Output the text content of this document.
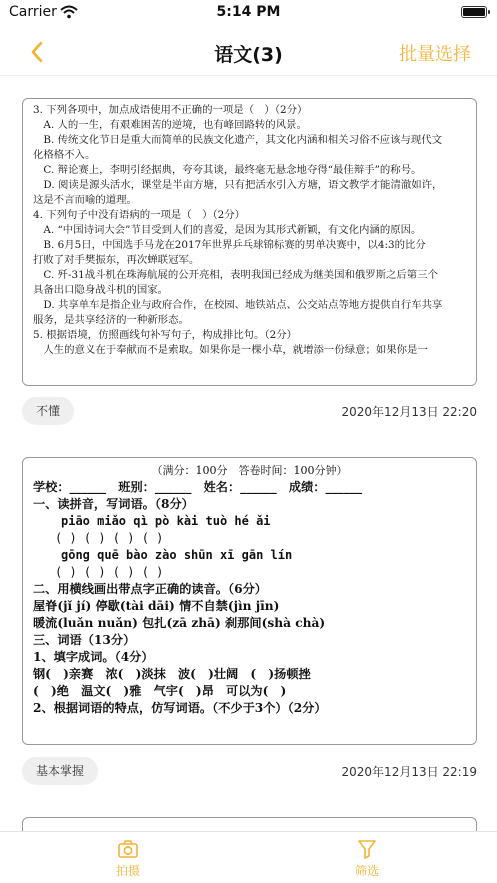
Carrier	5:14 PM
语文(3)	批量选择
3. 下列各项中，加点成语使用不正确的一项是（　）（2分）
　A. 人的一生，有艰难困苦的逆境，也有峰回路转的风景。
　B. 传统文化节日是重大而简单的民族文化遗产，其文化内涵和相关习俗不应该与现代文
化格格不入。
　C. 辩论赛上，李明引经据典，夸夸其谈，最终毫无悬念地夺得“最佳辩手”的称号。
　D. 阅读是源头活水，课堂是半亩方塘，只有把活水引入方塘，语文教学才能清澈如许，
这是不言而喻的道理。
4. 下列句子中没有语病的一项是（　）（2分）
　A. “中国诗词大会”节目受到人们的喜爱，是因为其形式新颖，有文化内涵的原因。
　B. 6月5日，中国选手马龙在2017年世界乒乓球锦标赛的男单决赛中，以4:3的比分
打败了对手樊振东，再次蝉联冠军。
　C. 歼-31战斗机在珠海航展的公开亮相，表明我国已经成为继美国和俄罗斯之后第三个
具备出口隐身战斗机的国家。
　D. 共享单车是指企业与政府合作，在校园、地铁站点、公交站点等地方提供自行车共享
服务，是共享经济的一种新形态。
5. 根据语境，仿照画线句补写句子，构成排比句。（2分）
　人生的意义在于奉献而不是索取。如果你是一棵小草，就增添一份绿意；如果你是一
不懂	2020年12月13日 22:20
（满分：100分　答卷时间：100分钟）
学校：______　班别：______　姓名：______　成绩：______
一、读拼音，写词语。（8分）
piāo miǎo qì pò kài tuò hé ǎi
( ) ( ) ( ) ( )
gōng quē bào zào shūn xī gān lín
( ) ( ) ( ) ( )
二、用横线画出带点字正确的读音。（6分）
屋脊(jǐ jí) 停歇(tài dāi) 情不自禁(jìn jīn)
暖流(luǎn nuǎn) 包扎(zā zhā) 刹那间(shà chà)
三、词语（13分）
1、填字成词。（4分）
钢(　)亲赛　浓(　)淡抹　波(　)壮阔　(　)扬顿挫
(　)绝　温文(　)雅　气宇(　)昂　可以为(　)
2、根据词语的特点，仿写词语。（不少于3个）（2分）
基本掌握	2020年12月13日 22:19
拍摄	筛选
